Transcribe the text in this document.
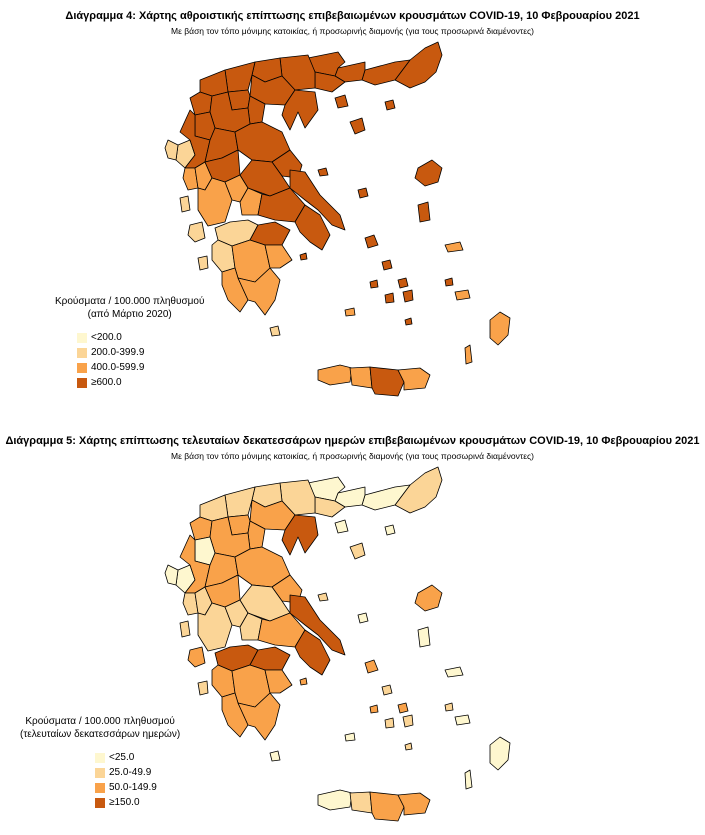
Διάγραμμα 4: Χάρτης αθροιστικής επίπτωσης επιβεβαιωμένων κρουσμάτων COVID-19, 10 Φεβρουαρίου 2021
Με βάση τον τόπο μόνιμης κατοικίας, ή προσωρινής διαμονής (για τους προσωρινά διαμένοντες)
Κρούσματα / 100.000 πληθυσμού
(από Μάρτιο 2020)
<200.0
200.0-399.9
400.0-599.9
≥600.0
Διάγραμμα 5: Χάρτης επίπτωσης τελευταίων δεκατεσσάρων ημερών επιβεβαιωμένων κρουσμάτων COVID-19, 10 Φεβρουαρίου 2021
Με βάση τον τόπο μόνιμης κατοικίας, ή προσωρινής διαμονής (για τους προσωρινά διαμένοντες)
Κρούσματα / 100.000 πληθυσμού
(τελευταίων δεκατεσσάρων ημερών)
<25.0
25.0-49.9
50.0-149.9
≥150.0
